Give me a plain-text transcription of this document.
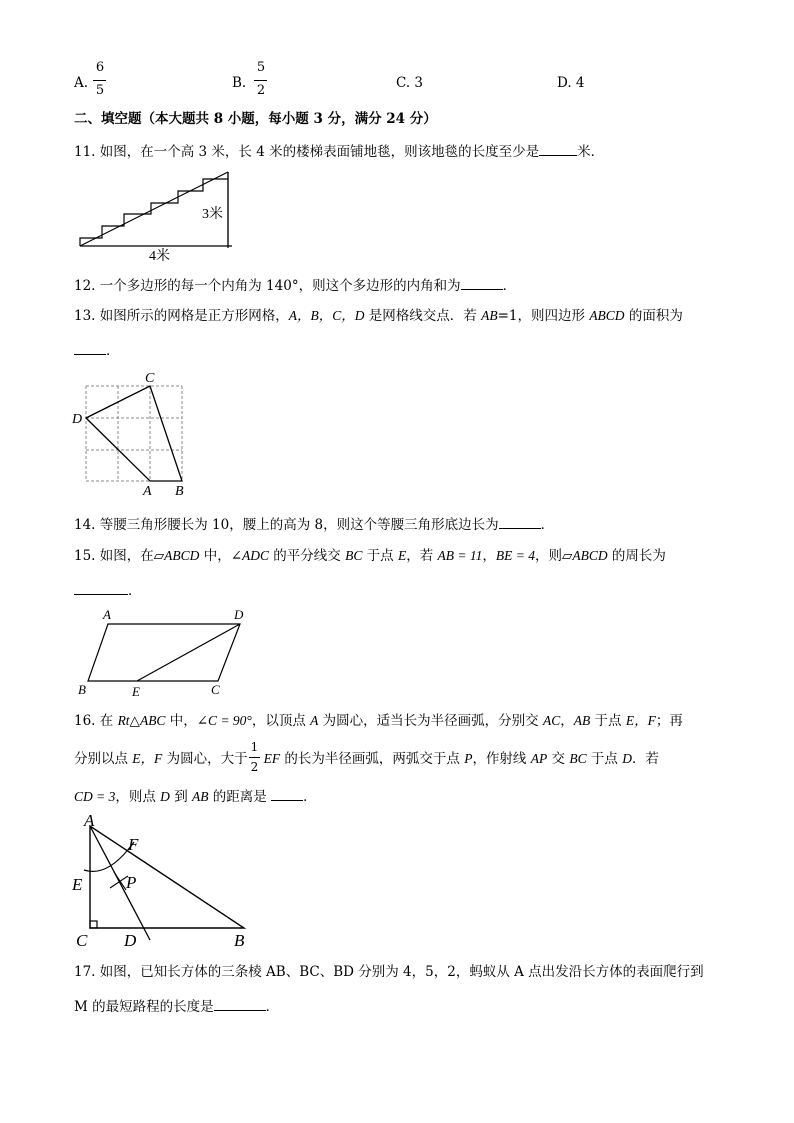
A.
6
5	B.
5
2	C. 3	D. 4
二、填空题（本大题共 8 小题，每小题 3 分，满分 24 分）
11. 如图，在一个高 3 米，长 4 米的楼梯表面铺地毯，则该地毯的长度至少是	米．
3米
4米
12. 一个多边形的每一个内角为 140°，则这个多边形的内角和为	．
13. 如图所示的网格是正方形网格，A，B，C，D 是网格线交点．若 AB=1，则四边形 ABCD 的面积为
．
C
D
A B
14. 等腰三角形腰长为 10，腰上的高为 8，则这个等腰三角形底边长为	．
15. 如图，在▱ABCD 中，∠ADC 的平分线交 BC 于点 E，若 AB = 11，BE = 4，则▱ABCD 的周长为
．
A	D
B	E	C
16. 在 Rt△ABC 中，∠C = 90°，以顶点 A 为圆心，适当长为半径画弧，分别交 AC，AB 于点 E，F；再
分别以点 E，F 为圆心，大于 $\frac{1}{2}$ EF 的长为半径画弧，两弧交于点 P，作射线 AP 交 BC 于点 D．若
CD = 3，则点 D 到 AB 的距离是 ．
A
F
E	P
C D	B
17. 如图，已知长方体的三条棱 AB、BC、BD 分别为 4，5，2，蚂蚁从 A 点出发沿长方体的表面爬行到
M 的最短路程的长度是	．
